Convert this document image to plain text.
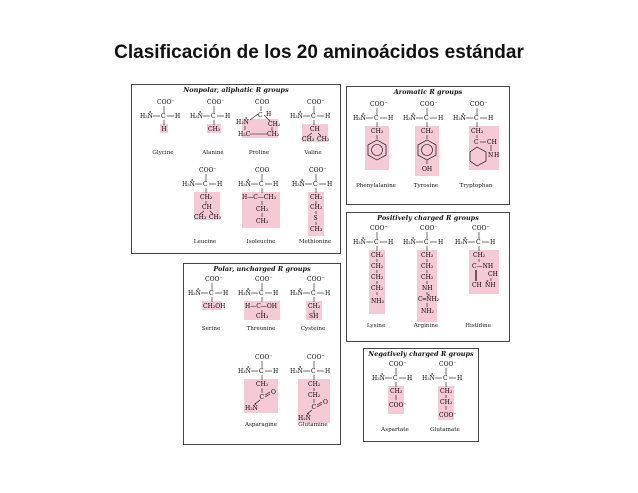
Clasificación de los 20 aminoácidos estándar
Nonpolar, aliphatic R groups
COO⁻
H₃N̊ C H
H
Glycine
COO⁻
H₃N̊ C H
CH₃
Alanine
COO
H₂N̊
C H
CH₂
H₂C	CH₂
Proline
COO⁻
H₃N̊ C H
CH
CH₃ CH₃
Valine
COO⁻
H₃N̊ C H
CH₂
CH
CH₃ CH₃
Leucine
COO
H₃N̊ C H
H—C—CH₃
CH₂
CH₃
Isoleucine
COO⁻
H₃N̊ C H
CH₂
CH₂
S
CH₃
Methionine
Aromatic R groups
COO⁻
H₃N̊ C H
CH₂
Phenylalanine
COO⁻
H₃N̊ C H
CH₂
OH
Tyrosine
COO⁻
H₃N̊ C H
CH₂
C CH
N H
Tryptophan
Positively charged R groups
COO⁻
H₃N̊ C H
CH₂
CH₂
CH₂
CH₂
NH₃
Lysine
COO⁻
H₃N̊ C H
CH₂
CH₂
CH₂
NH
C═N̊H₂
NH₂
Arginine
COO⁻
H₃N̊ C H
CH₂
C—NH
CH
CH N̊H
Histidine
Polar, uncharged R groups
COO⁻
H₃N̊ C H
CH₂OH
Serine
COO⁻
H₃N̊ C H
H—C—OH
CH₃
Threonine
COO⁻
H₃N̊ C H
CH₂
SH
Cysteine
COO⁻
H₃N̊ C H
CH₂
C
O
H₂N̊
Asparagine
COO⁻
H₃N̊ C H
CH₂
CH₂
C
O
H₂N̊
Glutamine
Negatively charged R groups
COO⁻
H₃N̊ C H
CH₂
COO⁻
Aspartate
COO⁻
H₃N̊ C H
CH₂
CH₂
COO⁻
Glutamate
